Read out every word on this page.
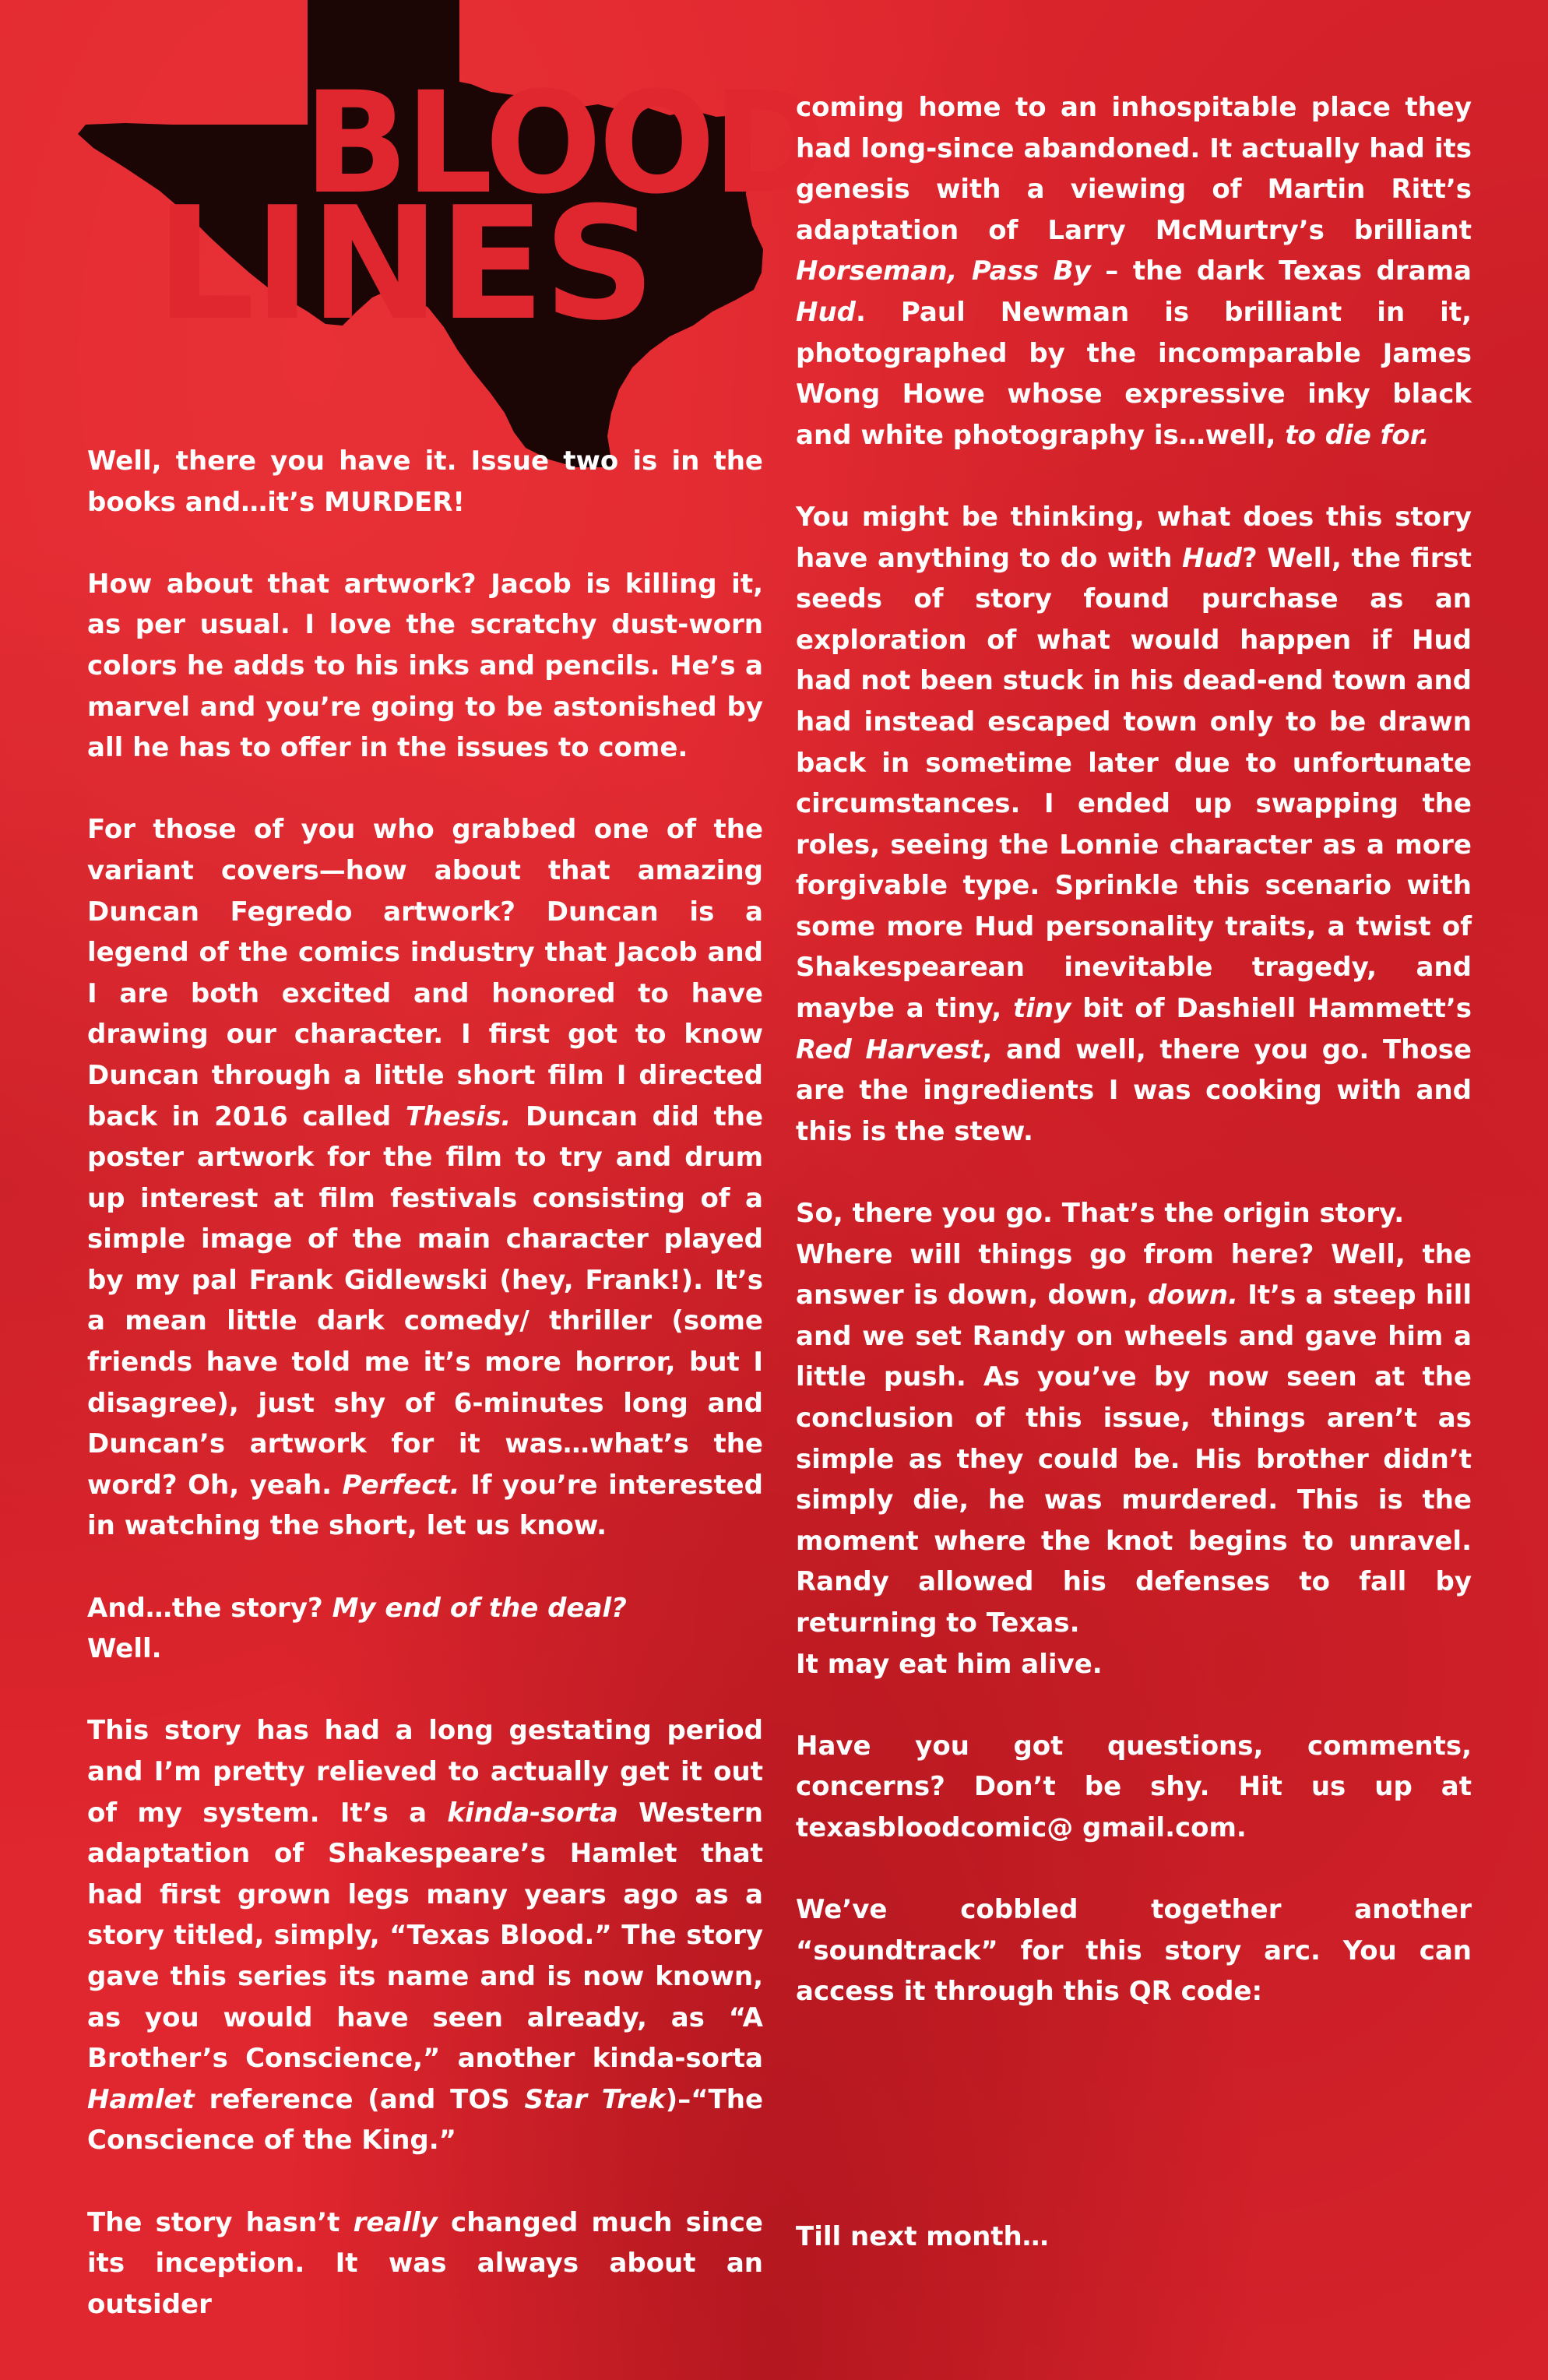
BLOOD
LINES

Well, there you have it. Issue two is in the books and…it’s MURDER!

How about that artwork? Jacob is killing it, as per usual. I love the scratchy dust-worn colors he adds to his inks and pencils. He’s a marvel and you’re going to be astonished by all he has to offer in the issues to come.

For those of you who grabbed one of the variant covers—how about that amazing Duncan Fegredo artwork? Duncan is a legend of the comics industry that Jacob and I are both excited and honored to have drawing our character. I first got to know Duncan through a little short film I directed back in 2016 called Thesis. Duncan did the poster artwork for the film to try and drum up interest at film festivals consisting of a simple image of the main character played by my pal Frank Gidlewski (hey, Frank!). It’s a mean little dark comedy/ thriller (some friends have told me it’s more horror, but I disagree), just shy of 6-minutes long and Duncan’s artwork for it was…what’s the word? Oh, yeah. Perfect. If you’re interested in watching the short, let us know.

And…the story? My end of the deal?

Well.

This story has had a long gestating period and I’m pretty relieved to actually get it out of my system. It’s a kinda-sorta Western adaptation of Shakespeare’s Hamlet that had first grown legs many years ago as a story titled, simply, “Texas Blood.” The story gave this series its name and is now known, as you would have seen already, as “A Brother’s Conscience,” another kinda-sorta Hamlet reference (and TOS Star Trek)–“The Conscience of the King.”

The story hasn’t really changed much since its inception. It was always about an outsider

coming home to an inhospitable place they had long-since abandoned. It actually had its genesis with a viewing of Martin Ritt’s adaptation of Larry McMurtry’s brilliant Horseman, Pass By – the dark Texas drama Hud. Paul Newman is brilliant in it, photographed by the incomparable James Wong Howe whose expressive inky black and white photography is…well, to die for.

You might be thinking, what does this story have anything to do with Hud? Well, the first seeds of story found purchase as an exploration of what would happen if Hud had not been stuck in his dead-end town and had instead escaped town only to be drawn back in sometime later due to unfortunate circumstances. I ended up swapping the roles, seeing the Lonnie character as a more forgivable type. Sprinkle this scenario with some more Hud personality traits, a twist of Shakespearean inevitable tragedy, and maybe a tiny, tiny bit of Dashiell Hammett’s Red Harvest, and well, there you go. Those are the ingredients I was cooking with and this is the stew.

So, there you go. That’s the origin story.

Where will things go from here? Well, the answer is down, down, down. It’s a steep hill and we set Randy on wheels and gave him a little push. As you’ve by now seen at the conclusion of this issue, things aren’t as simple as they could be. His brother didn’t simply die, he was murdered. This is the moment where the knot begins to unravel. Randy allowed his defenses to fall by returning to Texas.

It may eat him alive.

Have you got questions, comments, concerns? Don’t be shy. Hit us up at texasbloodcomic@ gmail.com.

We’ve cobbled together another “soundtrack” for this story arc. You can access it through this QR code:

Till next month…
